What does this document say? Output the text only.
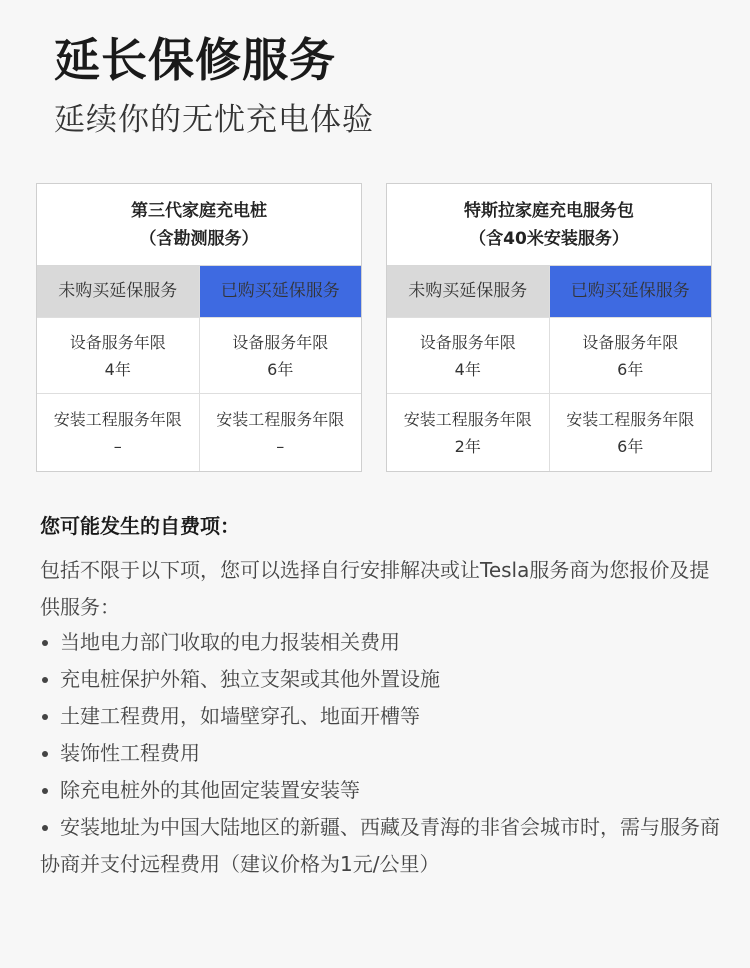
延长保修服务
延续你的无忧充电体验
第三代家庭充电桩
（含勘测服务）
未购买延保服务	已购买延保服务
设备服务年限
4年
设备服务年限
6年
安装工程服务年限
–
安装工程服务年限
–
特斯拉家庭充电服务包
（含40米安装服务）
未购买延保服务	已购买延保服务
设备服务年限
4年
设备服务年限
6年
安装工程服务年限
2年
安装工程服务年限
6年
您可能发生的自费项：
包括不限于以下项，您可以选择自行安排解决或让Tesla服务商为您报价及提供服务：
当地电力部门收取的电力报装相关费用
充电桩保护外箱、独立支架或其他外置设施
土建工程费用，如墙壁穿孔、地面开槽等
装饰性工程费用
除充电桩外的其他固定装置安装等
安装地址为中国大陆地区的新疆、西藏及青海的非省会城市时，需与服务商协商并支付远程费用（建议价格为1元/公里）
